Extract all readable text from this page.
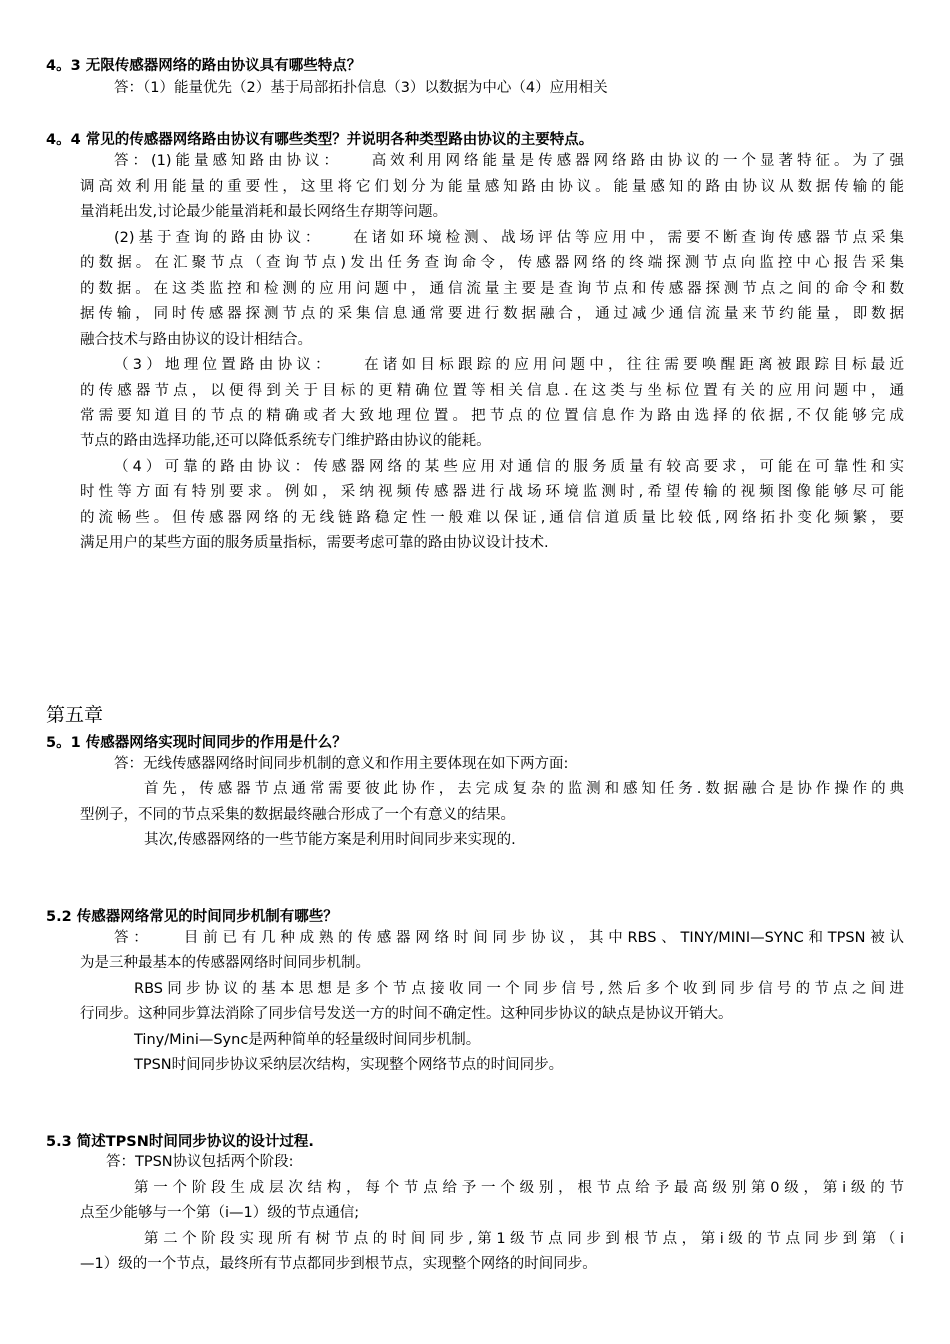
4。3 无限传感器网络的路由协议具有哪些特点？
答：（1）能量优先（2）基于局部拓扑信息（3）以数据为中心（4）应用相关
4。4 常见的传感器网络路由协议有哪些类型？并说明各种类型路由协议的主要特点。
答：(1)能量感知路由协议：　　高效利用网络能量是传感器网络路由协议的一个显著特征。为了强
调高效利用能量的重要性，这里将它们划分为能量感知路由协议。能量感知的路由协议从数据传输的能
量消耗出发,讨论最少能量消耗和最长网络生存期等问题。
(2)基于查询的路由协议：　　在诸如环境检测、战场评估等应用中，需要不断查询传感器节点采集
的数据。在汇聚节点（查询节点)发出任务查询命令，传感器网络的终端探测节点向监控中心报告采集
的数据。在这类监控和检测的应用问题中，通信流量主要是查询节点和传感器探测节点之间的命令和数
据传输，同时传感器探测节点的采集信息通常要进行数据融合，通过减少通信流量来节约能量，即数据
融合技术与路由协议的设计相结合。
（3）地理位置路由协议：　　在诸如目标跟踪的应用问题中，往往需要唤醒距离被跟踪目标最近
的传感器节点，以便得到关于目标的更精确位置等相关信息.在这类与坐标位置有关的应用问题中，通
常需要知道目的节点的精确或者大致地理位置。把节点的位置信息作为路由选择的依据,不仅能够完成
节点的路由选择功能,还可以降低系统专门维护路由协议的能耗。
（4）可靠的路由协议：传感器网络的某些应用对通信的服务质量有较高要求，可能在可靠性和实
时性等方面有特别要求。例如，采纳视频传感器进行战场环境监测时,希望传输的视频图像能够尽可能
的流畅些。但传感器网络的无线链路稳定性一般难以保证,通信信道质量比较低,网络拓扑变化频繁，要
满足用户的某些方面的服务质量指标，需要考虑可靠的路由协议设计技术.
第五章
5。1 传感器网络实现时间同步的作用是什么？
答：无线传感器网络时间同步机制的意义和作用主要体现在如下两方面:
首先，传感器节点通常需要彼此协作，去完成复杂的监测和感知任务.数据融合是协作操作的典
型例子，不同的节点采集的数据最终融合形成了一个有意义的结果。
其次,传感器网络的一些节能方案是利用时间同步来实现的.
5.2 传感器网络常见的时间同步机制有哪些？
答：　　目前已有几种成熟的传感器网络时间同步协议，其中RBS、TINY/MINI—SYNC和TPSN被认
为是三种最基本的传感器网络时间同步机制。
RBS同步协议的基本思想是多个节点接收同一个同步信号,然后多个收到同步信号的节点之间进
行同步。这种同步算法消除了同步信号发送一方的时间不确定性。这种同步协议的缺点是协议开销大。
Tiny/Mini—Sync是两种简单的轻量级时间同步机制。
TPSN时间同步协议采纳层次结构，实现整个网络节点的时间同步。
5.3 简述TPSN时间同步协议的设计过程.
答：TPSN协议包括两个阶段:
第一个阶段生成层次结构，每个节点给予一个级别，根节点给予最高级别第0级，第i级的节
点至少能够与一个第（i—1）级的节点通信;
第二个阶段实现所有树节点的时间同步,第1级节点同步到根节点，第i级的节点同步到第（i
—1）级的一个节点，最终所有节点都同步到根节点，实现整个网络的时间同步。
